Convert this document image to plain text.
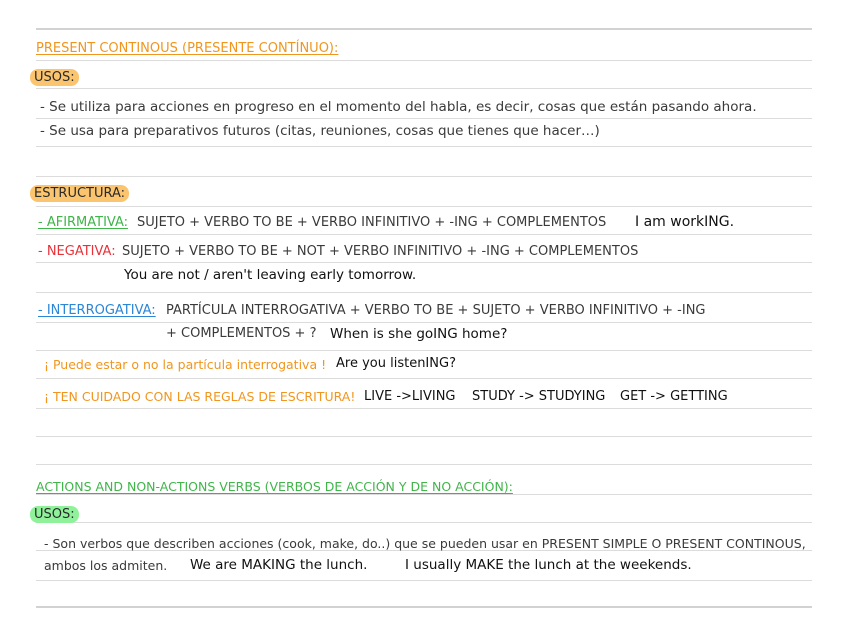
PRESENT CONTINOUS (PRESENTE CONTÍNUO):
USOS:
- Se utiliza para acciones en progreso en el momento del habla, es decir, cosas que están pasando ahora.
- Se usa para preparativos futuros (citas, reuniones, cosas que tienes que hacer…)
ESTRUCTURA:
- AFIRMATIVA: SUJETO + VERBO TO BE + VERBO INFINITIVO + -ING + COMPLEMENTOS I am workING.
- NEGATIVA: SUJETO + VERBO TO BE + NOT + VERBO INFINITIVO + -ING + COMPLEMENTOS
You are not / aren't leaving early tomorrow.
- INTERROGATIVA: PARTÍCULA INTERROGATIVA + VERBO TO BE + SUJETO + VERBO INFINITIVO + -ING
+ COMPLEMENTOS + ? When is she goING home?
¡ Puede estar o no la partícula interrogativa ! Are you listenING?
¡ TEN CUIDADO CON LAS REGLAS DE ESCRITURA! LIVE ->LIVING STUDY -> STUDYING GET -> GETTING
ACTIONS AND NON-ACTIONS VERBS (VERBOS DE ACCIÓN Y DE NO ACCIÓN):
USOS:
- Son verbos que describen acciones (cook, make, do..) que se pueden usar en PRESENT SIMPLE O PRESENT CONTINOUS,
ambos los admiten. We are MAKING the lunch.	I usually MAKE the lunch at the weekends.
